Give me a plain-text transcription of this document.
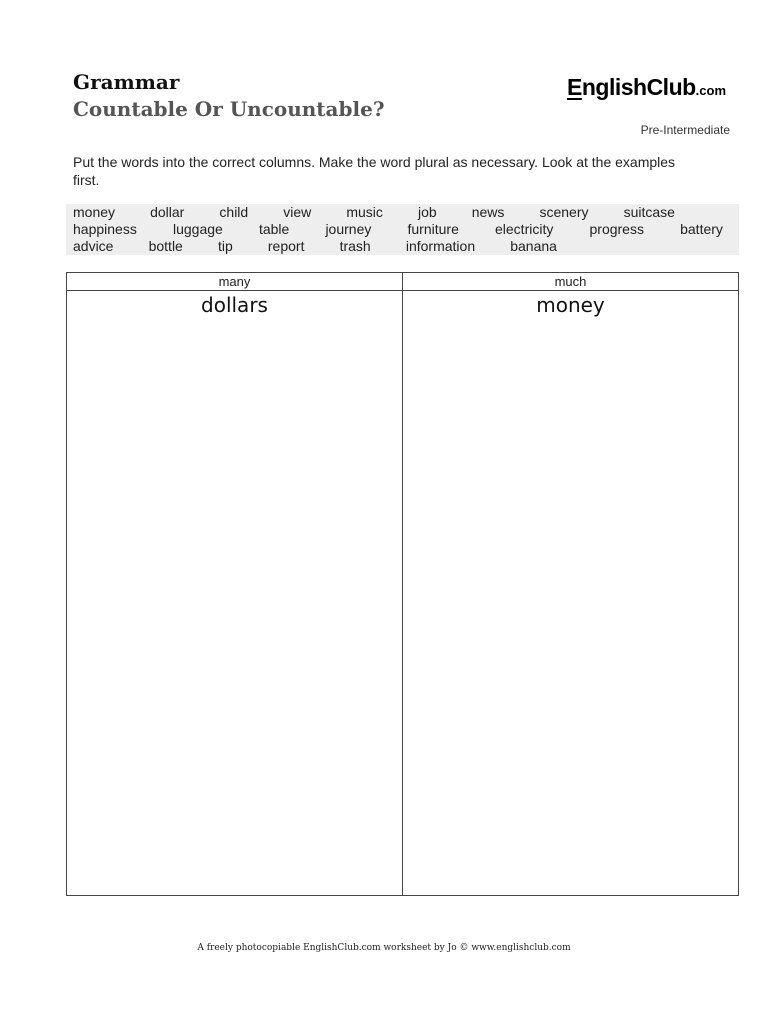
Grammar
Countable Or Uncountable?
EnglishClub.com
Pre-Intermediate
Put the words into the correct columns. Make the word plural as necessary. Look at the examples first.
money	dollar	child	view	music	job	news	scenery	suitcase
happiness	luggage	table	journey	furniture	electricity	progress	battery
advice	bottle	tip	report	trash	information	banana
many	much

dollars	money
A freely photocopiable EnglishClub.com worksheet by Jo © www.englishclub.com
